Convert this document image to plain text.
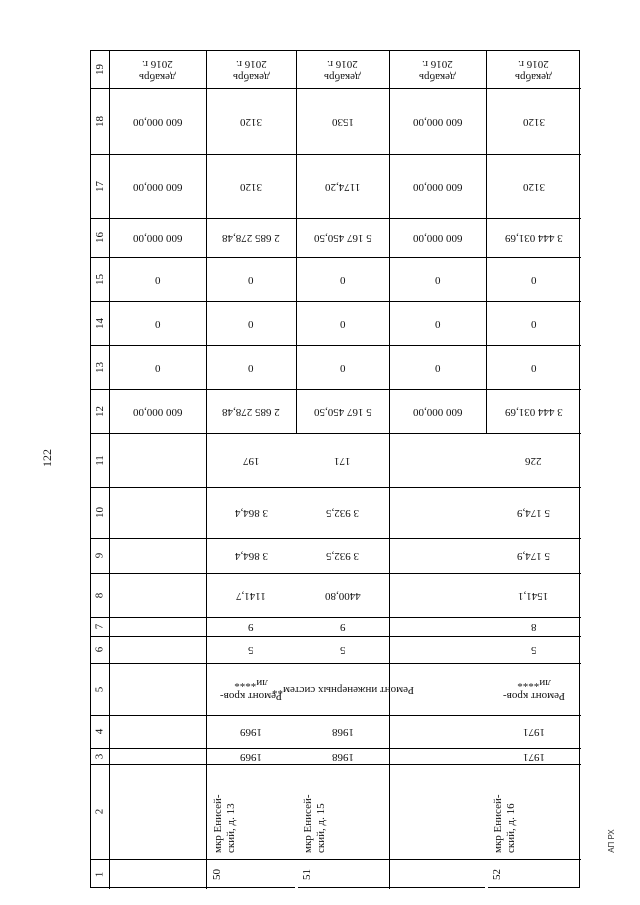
122
АП РХ
19
18
17
16
15
14
13
12
11
10
9
8
7
6
5
4
3
2
1
декабрь
2016 г.
600 000,00
600 000,00
600 000,00
0
0
0
600 000,00
декабрь
2016 г.
3120
3120
2 685 278,48
0
0
0
2 685 278,48
197
3 864,4
3 864,4
1141,7
9
5
Ремонт кров-
ли****
1969
1969
мкр Енисей-
ский, д. 13
50
декабрь
2016 г.
1530
1174,20
5 167 450,50
0
0
0
5 167 450,50
171
3 932,5
3 932,5
4400,80
9
5
Ремонт инженерных систем**
1968
1968
мкр Енисей-
ский, д. 15
51
декабрь
2016 г.
600 000,00
600 000,00
600 000,00
0
0
0
600 000,00
декабрь
2016 г.
3120
3120
3 444 031,69
0
0
0
3 444 031,69
226
5 174,9
5 174,9
1541,1
8
5
Ремонт кров-
ли****
1971
1971
мкр Енисей-
ский, д. 16
52
